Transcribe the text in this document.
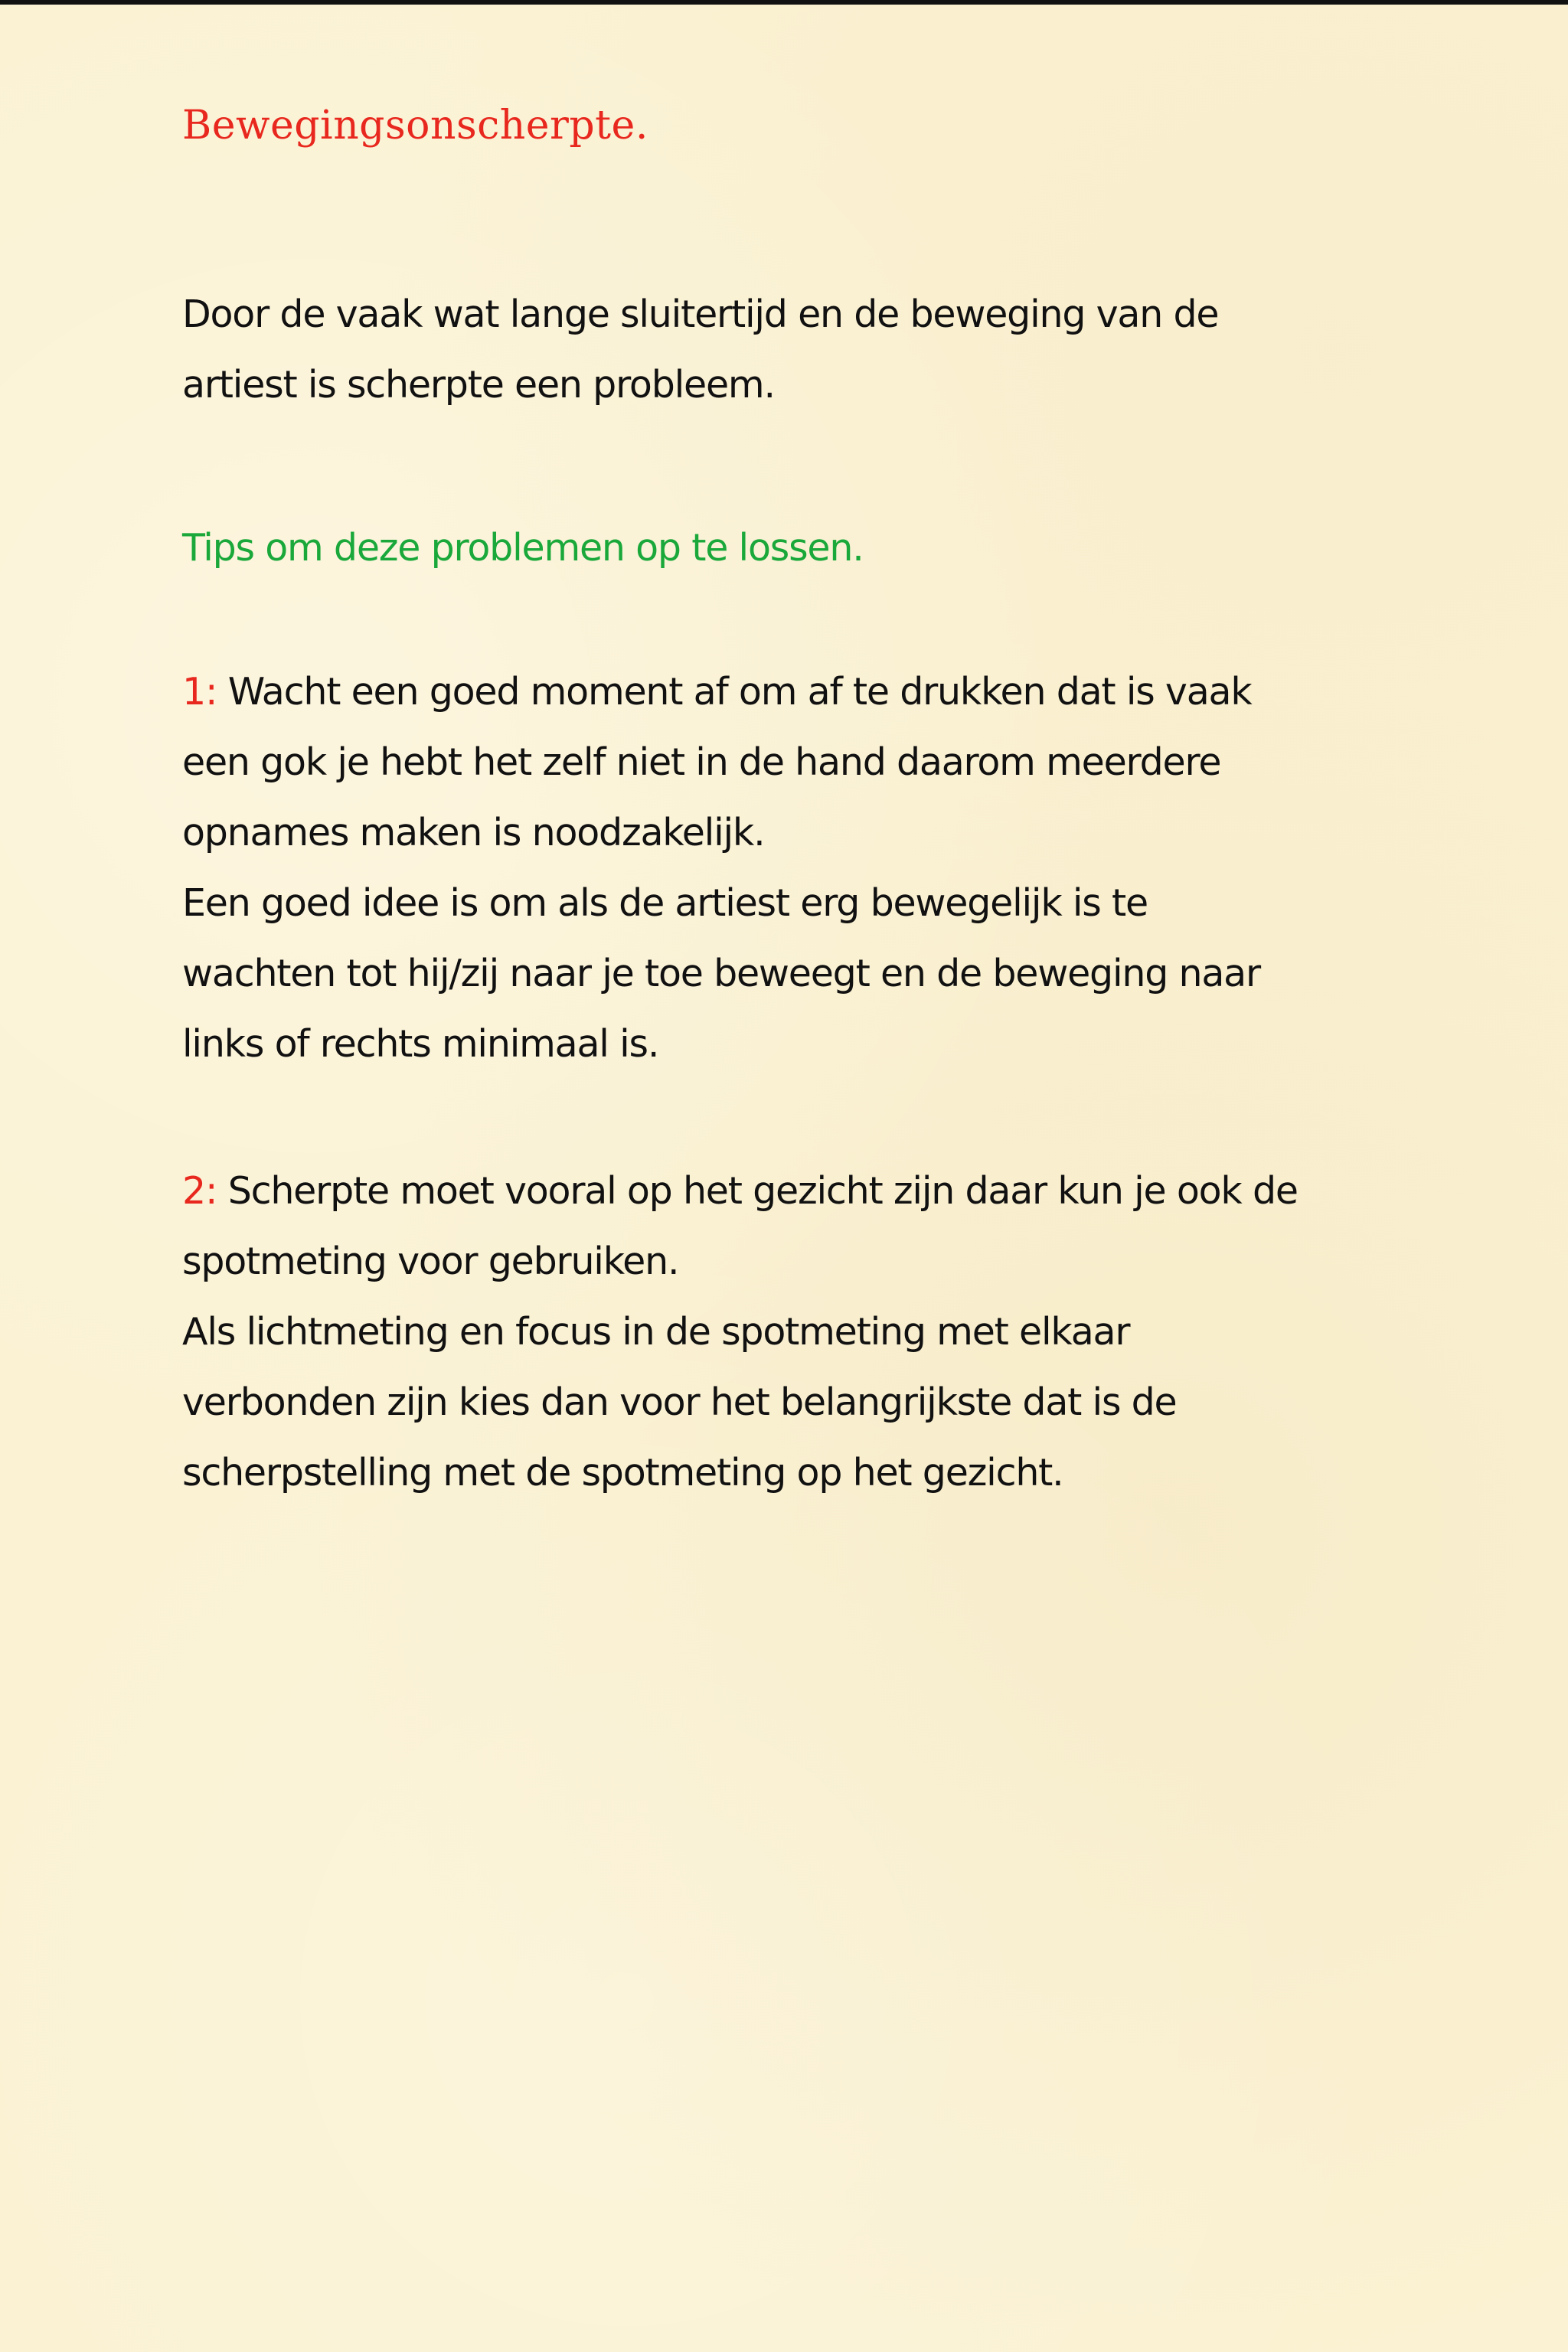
Bewegingsonscherpte.

Door de vaak wat lange sluitertijd en de beweging van de
artiest is scherpte een probleem.

Tips om deze problemen op te lossen.

1: Wacht een goed moment af om af te drukken dat is vaak
een gok je hebt het zelf niet in de hand daarom meerdere
opnames maken is noodzakelijk.
Een goed idee is om als de artiest erg bewegelijk is te
wachten tot hij/zij naar je toe beweegt en de beweging naar
links of rechts minimaal is.

2: Scherpte moet vooral op het gezicht zijn daar kun je ook de
spotmeting voor gebruiken.
Als lichtmeting en focus in de spotmeting met elkaar
verbonden zijn kies dan voor het belangrijkste dat is de
scherpstelling met de spotmeting op het gezicht.
